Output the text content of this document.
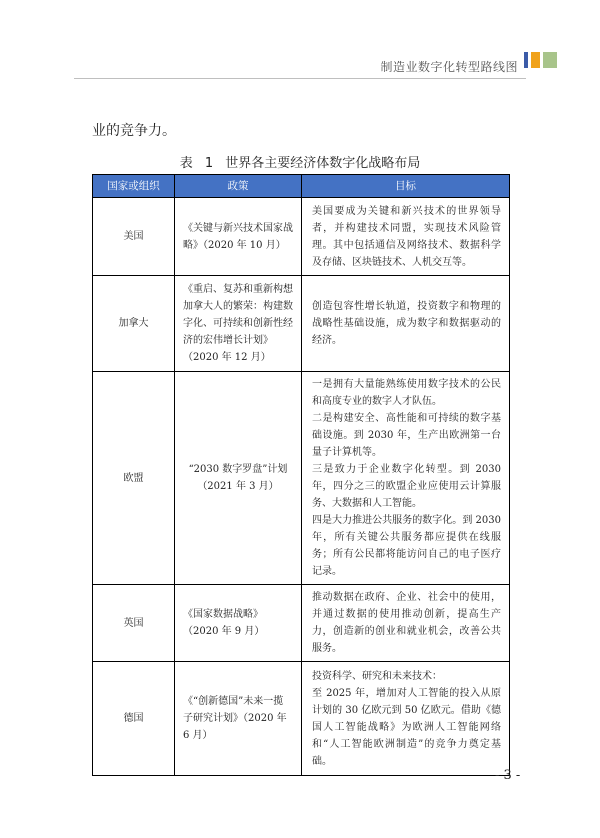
制造业数字化转型路线图
业的竞争力。
表 1 世界各主要经济体数字化战略布局
国家或组织	政策	目标
美国	《关键与新兴技术国家战略》（2020 年 10 月）	美国要成为关键和新兴技术的世界领导者，并构建技术同盟，实现技术风险管理。其中包括通信及网络技术、数据科学及存储、区块链技术、人机交互等。

加拿大	《重启、复苏和重新构想加拿大人的繁荣：构建数字化、可持续和创新性经济的宏伟增长计划》（2020 年 12 月）	创造包容性增长轨道，投资数字和物理的战略性基础设施，成为数字和数据驱动的经济。

欧盟	“2030 数字罗盘”计划（2021 年 3 月）	一是拥有大量能熟练使用数字技术的公民和高度专业的数字人才队伍。
二是构建安全、高性能和可持续的数字基础设施。到 2030 年，生产出欧洲第一台量子计算机等。
三是致力于企业数字化转型。到 2030 年，四分之三的欧盟企业应使用云计算服务、大数据和人工智能。
四是大力推进公共服务的数字化。到 2030 年，所有关键公共服务都应提供在线服务；所有公民都将能访问自己的电子医疗记录。

英国	《国家数据战略》（2020 年 9 月）	推动数据在政府、企业、社会中的使用，并通过数据的使用推动创新，提高生产力，创造新的创业和就业机会，改善公共服务。

德国	《“创新德国”未来一揽子研究计划》（2020 年 6 月）	投资科学、研究和未来技术：
至 2025 年，增加对人工智能的投入从原计划的 30 亿欧元到 50 亿欧元。借助《德国人工智能战略》为欧洲人工智能网络和“人工智能欧洲制造”的竞争力奠定基础。
- 3 -
